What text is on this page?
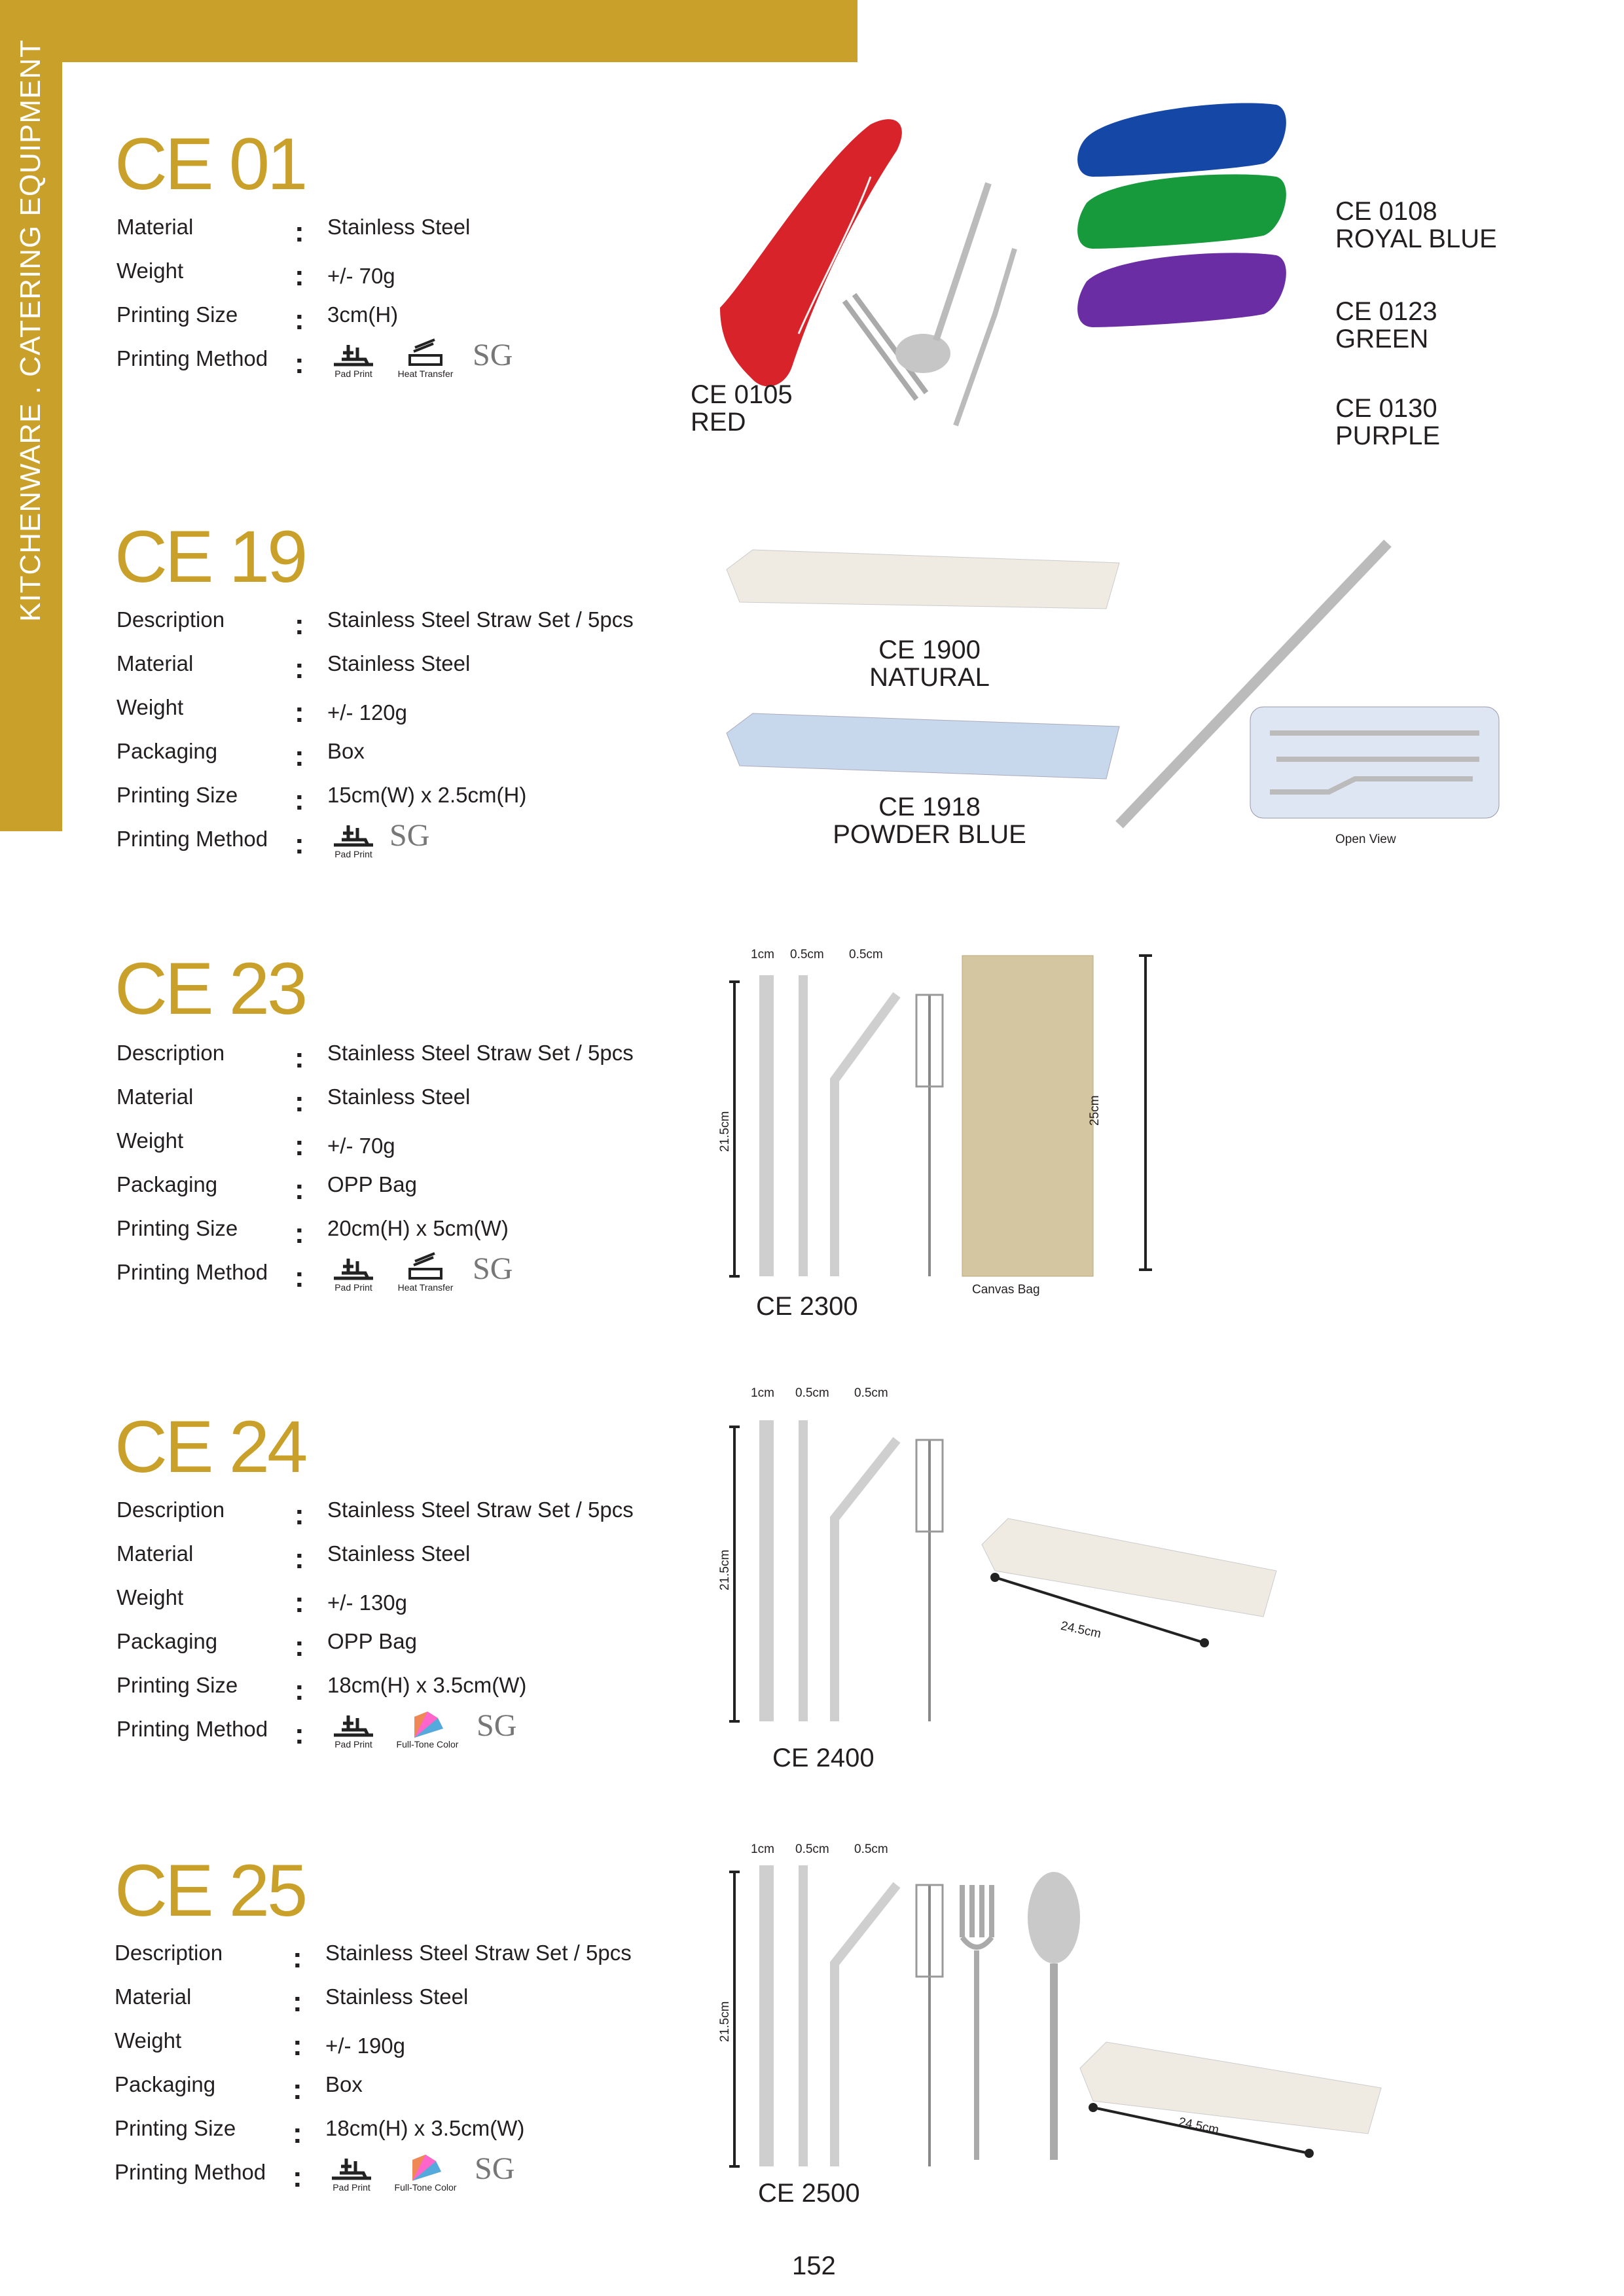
KITCHENWARE . CATERING EQUIPMENT CE 01
Material	: Stainless Steel
Weight	: +/- 70g
Printing Size : 3cm(H)
Printing Method :	Pad Print	Heat Transfer
SG
CE 0105
RED
CE 0108
ROYAL BLUE
CE 0123
GREEN
CE 0130
PURPLE
CE 19
Description : Stainless Steel Straw Set / 5pcs
Material	: Stainless Steel
Weight	: +/- 120g
Packaging	: Box
Printing Size : 15cm(W) x 2.5cm(H)
Printing Method :	Pad Print
SG
CE 1900
NATURAL
CE 1918
POWDER BLUE	Open View
CE 23
Description : Stainless Steel Straw Set / 5pcs
Material	: Stainless Steel
Weight	: +/- 70g
Packaging	: OPP Bag
Printing Size : 20cm(H) x 5cm(W)
Printing Method :	Pad Print	Heat Transfer
SG
1cm 0.5cm 0.5cm
21.5cm
25cm
CE 2300
Canvas Bag
CE 24
Description : Stainless Steel Straw Set / 5pcs
Material	: Stainless Steel
Weight	: +/- 130g
Packaging	: OPP Bag
Printing Size : 18cm(H) x 3.5cm(W)
Printing Method :	Pad Print	Full-Tone Color
SG
1cm 0.5cm 0.5cm
21.5cm
24.5cm
CE 2400
CE 25
Description : Stainless Steel Straw Set / 5pcs
Material	: Stainless Steel
Weight	: +/- 190g
Packaging	: Box
Printing Size : 18cm(H) x 3.5cm(W)
Printing Method :	Pad Print	Full-Tone Color
SG
1cm 0.5cm 0.5cm
21.5cm
24.5cm
CE 2500
152
